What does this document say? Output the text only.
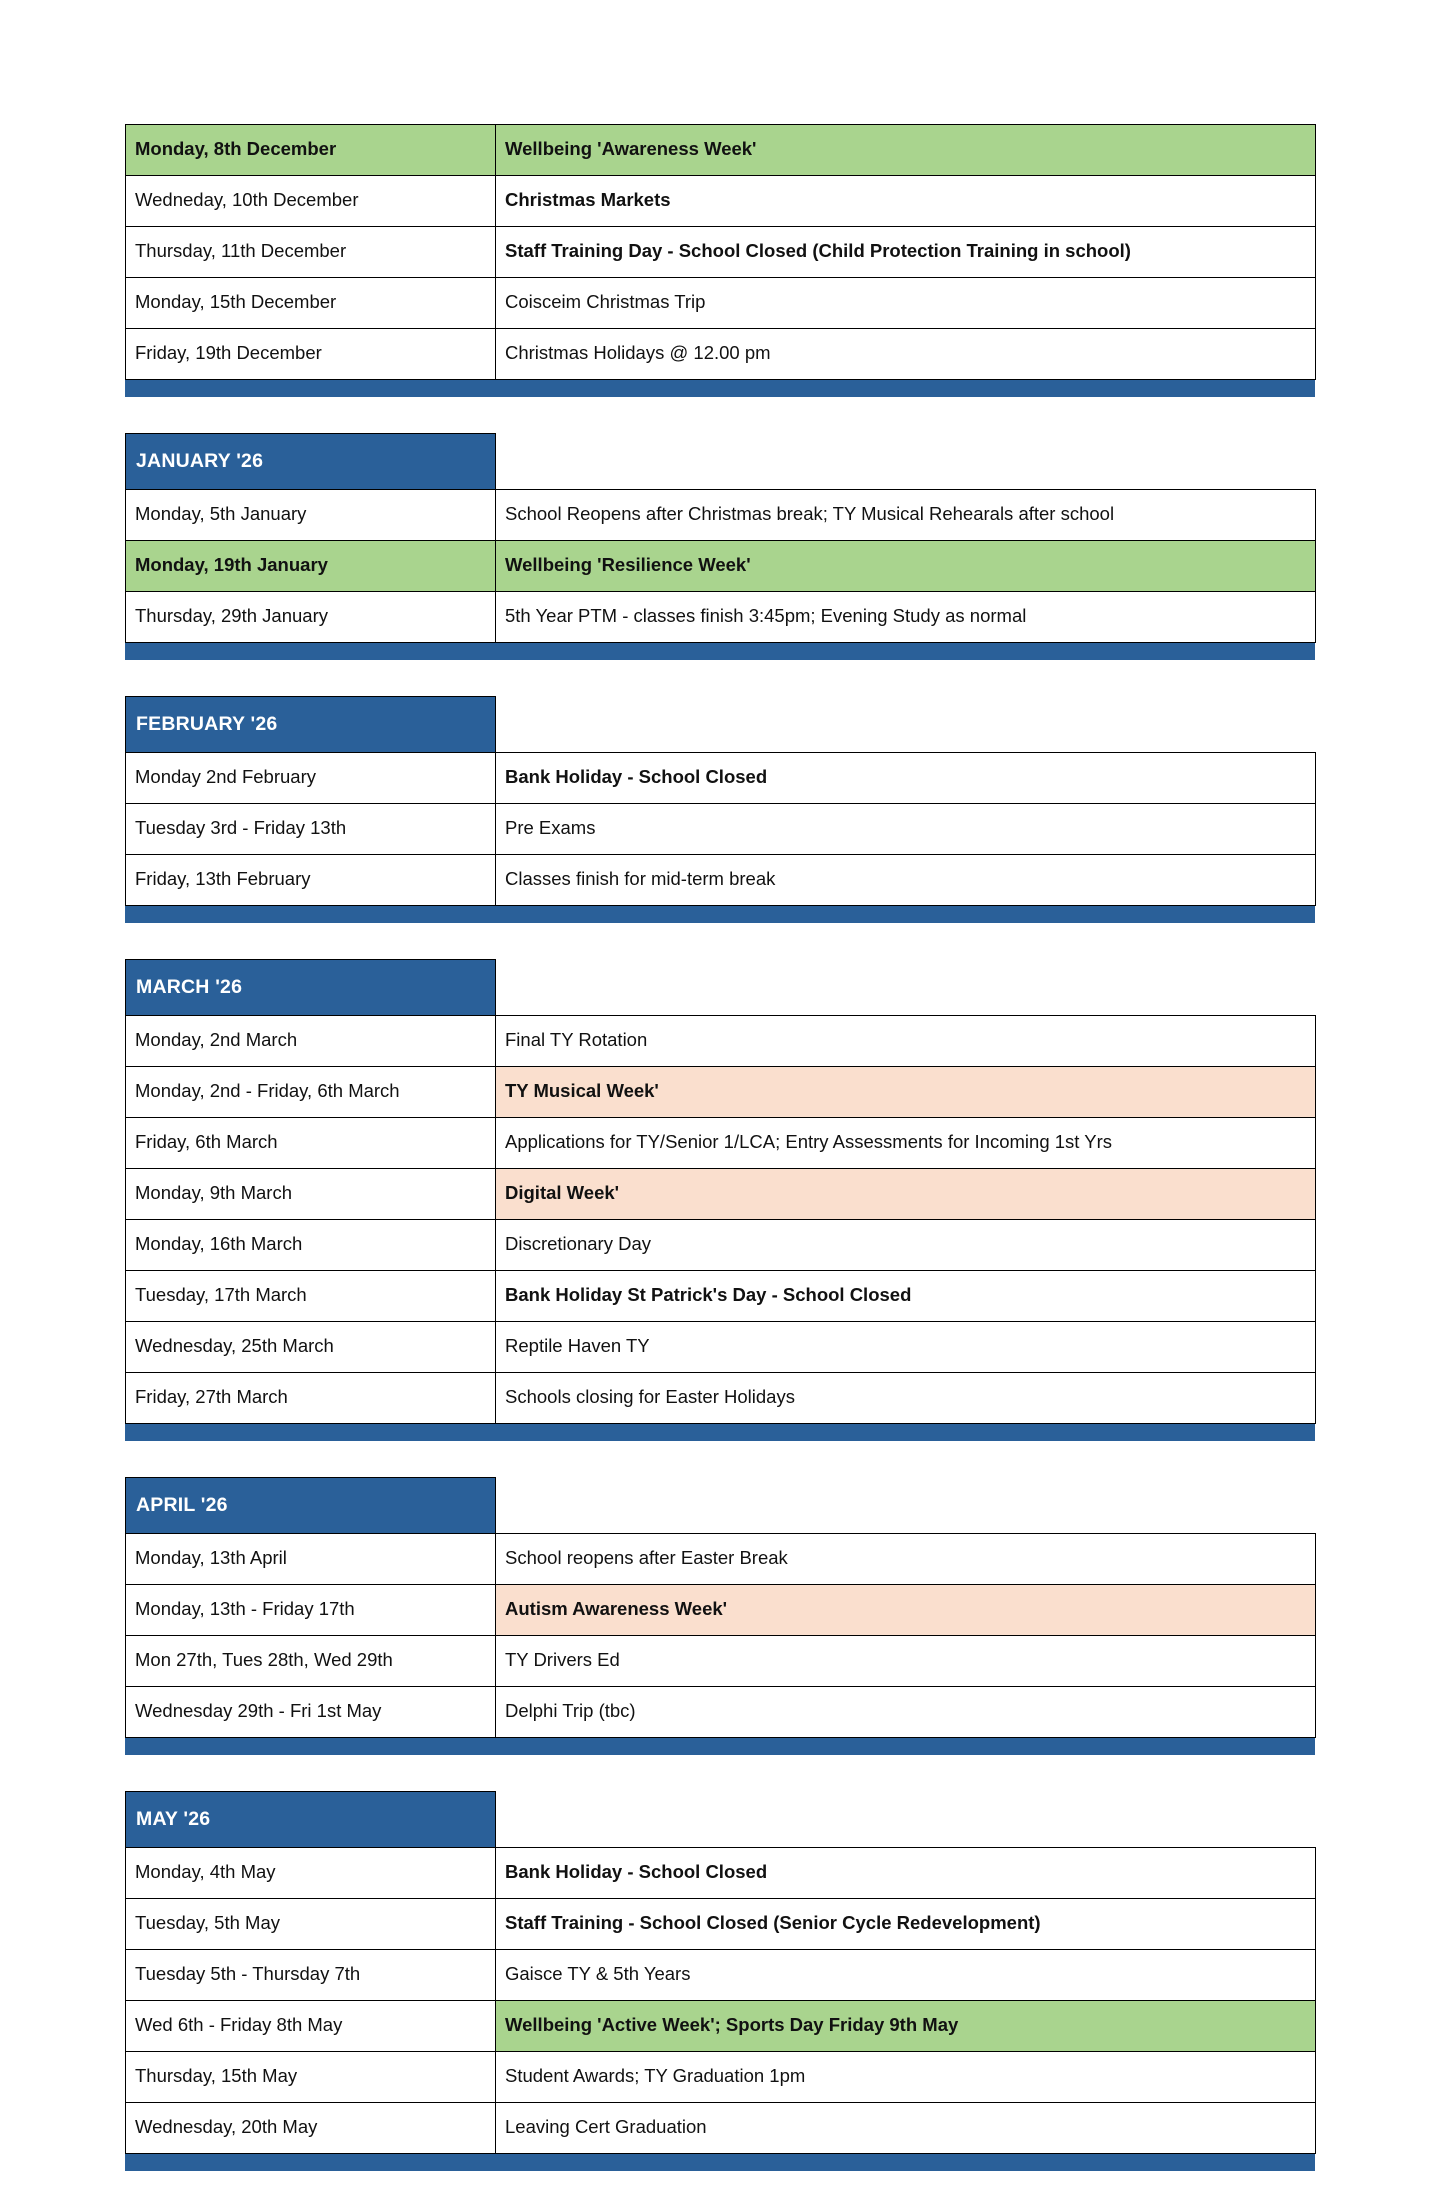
Monday, 8th December	Wellbeing 'Awareness Week'
Wedneday, 10th December	Christmas Markets
Thursday, 11th December	Staff Training Day - School Closed (Child Protection Training in school)
Monday, 15th December	Coisceim Christmas Trip
Friday, 19th December	Christmas Holidays @ 12.00 pm
JANUARY '26	
Monday, 5th January	School Reopens after Christmas break; TY Musical Rehearals after school
Monday, 19th January	Wellbeing 'Resilience Week'
Thursday, 29th January	5th Year PTM - classes finish 3:45pm; Evening Study as normal
FEBRUARY '26	
Monday 2nd February	Bank Holiday - School Closed
Tuesday 3rd - Friday 13th	Pre Exams
Friday, 13th February	Classes finish for mid-term break
MARCH '26	
Monday, 2nd March	Final TY Rotation
Monday, 2nd - Friday, 6th March	TY Musical Week'
Friday, 6th March	Applications for TY/Senior 1/LCA; Entry Assessments for Incoming 1st Yrs
Monday, 9th March	Digital Week'
Monday, 16th March	Discretionary Day
Tuesday, 17th March	Bank Holiday St Patrick's Day - School Closed
Wednesday, 25th March	Reptile Haven TY
Friday, 27th March	Schools closing for Easter Holidays
APRIL '26	
Monday, 13th April	School reopens after Easter Break
Monday, 13th - Friday 17th	Autism Awareness Week'
Mon 27th, Tues 28th, Wed 29th	TY Drivers Ed
Wednesday 29th - Fri 1st May	Delphi Trip (tbc)
MAY '26	
Monday, 4th May	Bank Holiday - School Closed
Tuesday, 5th May	Staff Training - School Closed (Senior Cycle Redevelopment)
Tuesday 5th - Thursday 7th	Gaisce TY & 5th Years
Wed 6th - Friday 8th May	Wellbeing 'Active Week'; Sports Day Friday 9th May
Thursday, 15th May	Student Awards; TY Graduation 1pm
Wednesday, 20th May	Leaving Cert Graduation
